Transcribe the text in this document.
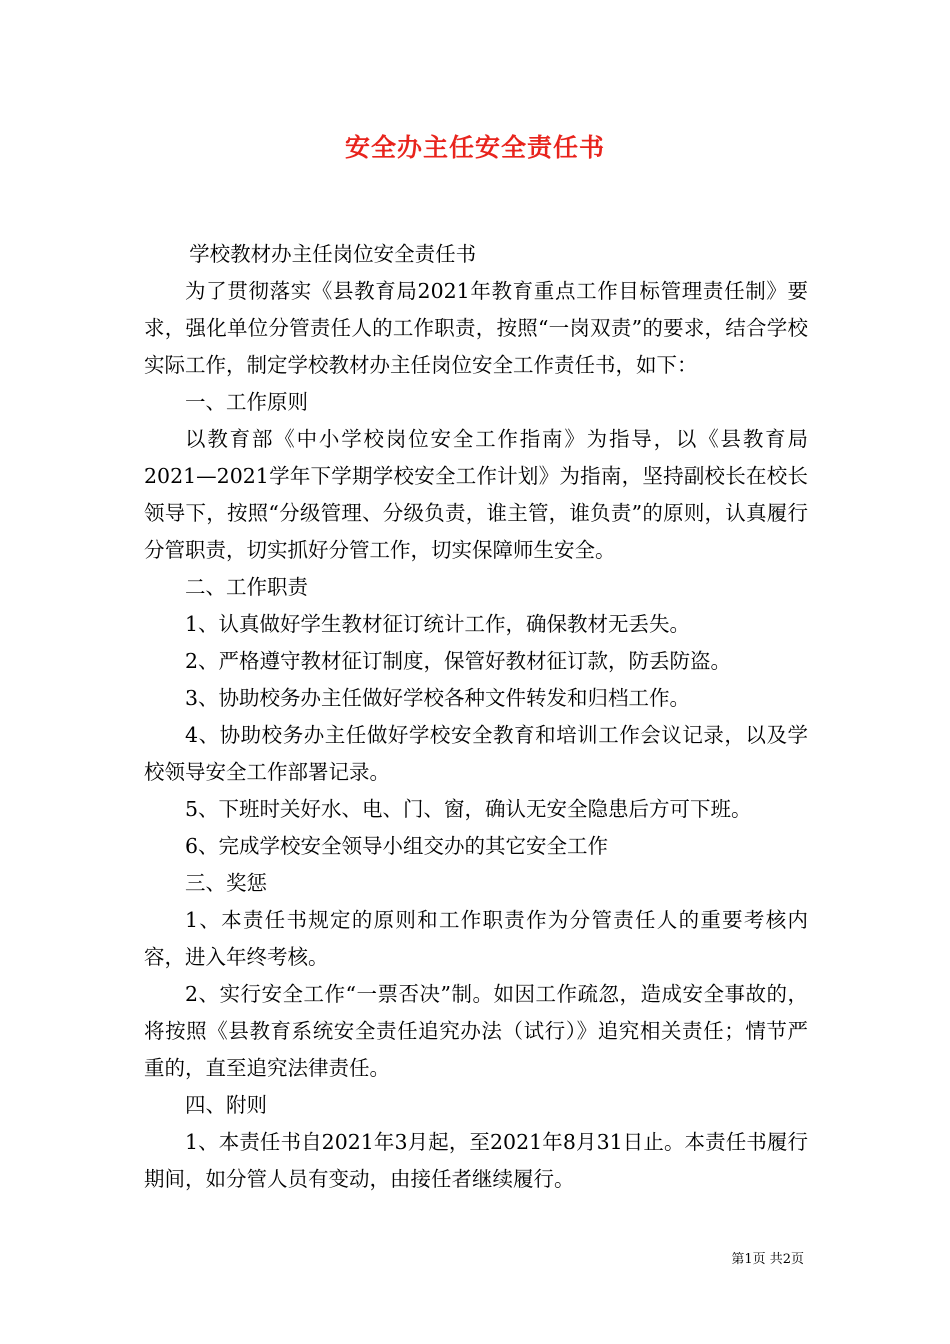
安全办主任安全责任书

学校教材办主任岗位安全责任书

为了贯彻落实《县教育局2021年教育重点工作目标管理责任制》要求，强化单位分管责任人的工作职责，按照“一岗双责”的要求，结合学校实际工作，制定学校教材办主任岗位安全工作责任书，如下：

一、工作原则

以教育部《中小学校岗位安全工作指南》为指导，以《县教育局2021—2021学年下学期学校安全工作计划》为指南，坚持副校长在校长领导下，按照“分级管理、分级负责，谁主管，谁负责”的原则，认真履行分管职责，切实抓好分管工作，切实保障师生安全。

二、工作职责

1、认真做好学生教材征订统计工作，确保教材无丢失。

2、严格遵守教材征订制度，保管好教材征订款，防丢防盗。

3、协助校务办主任做好学校各种文件转发和归档工作。

4、协助校务办主任做好学校安全教育和培训工作会议记录，以及学校领导安全工作部署记录。

5、下班时关好水、电、门、窗，确认无安全隐患后方可下班。

6、完成学校安全领导小组交办的其它安全工作

三、奖惩

1、本责任书规定的原则和工作职责作为分管责任人的重要考核内容，进入年终考核。

2、实行安全工作“一票否决”制。如因工作疏忽，造成安全事故的，将按照《县教育系统安全责任追究办法（试行）》追究相关责任；情节严重的，直至追究法律责任。

四、附则

1、本责任书自2021年3月起，至2021年8月31日止。本责任书履行期间，如分管人员有变动，由接任者继续履行。

第1页 共2页
